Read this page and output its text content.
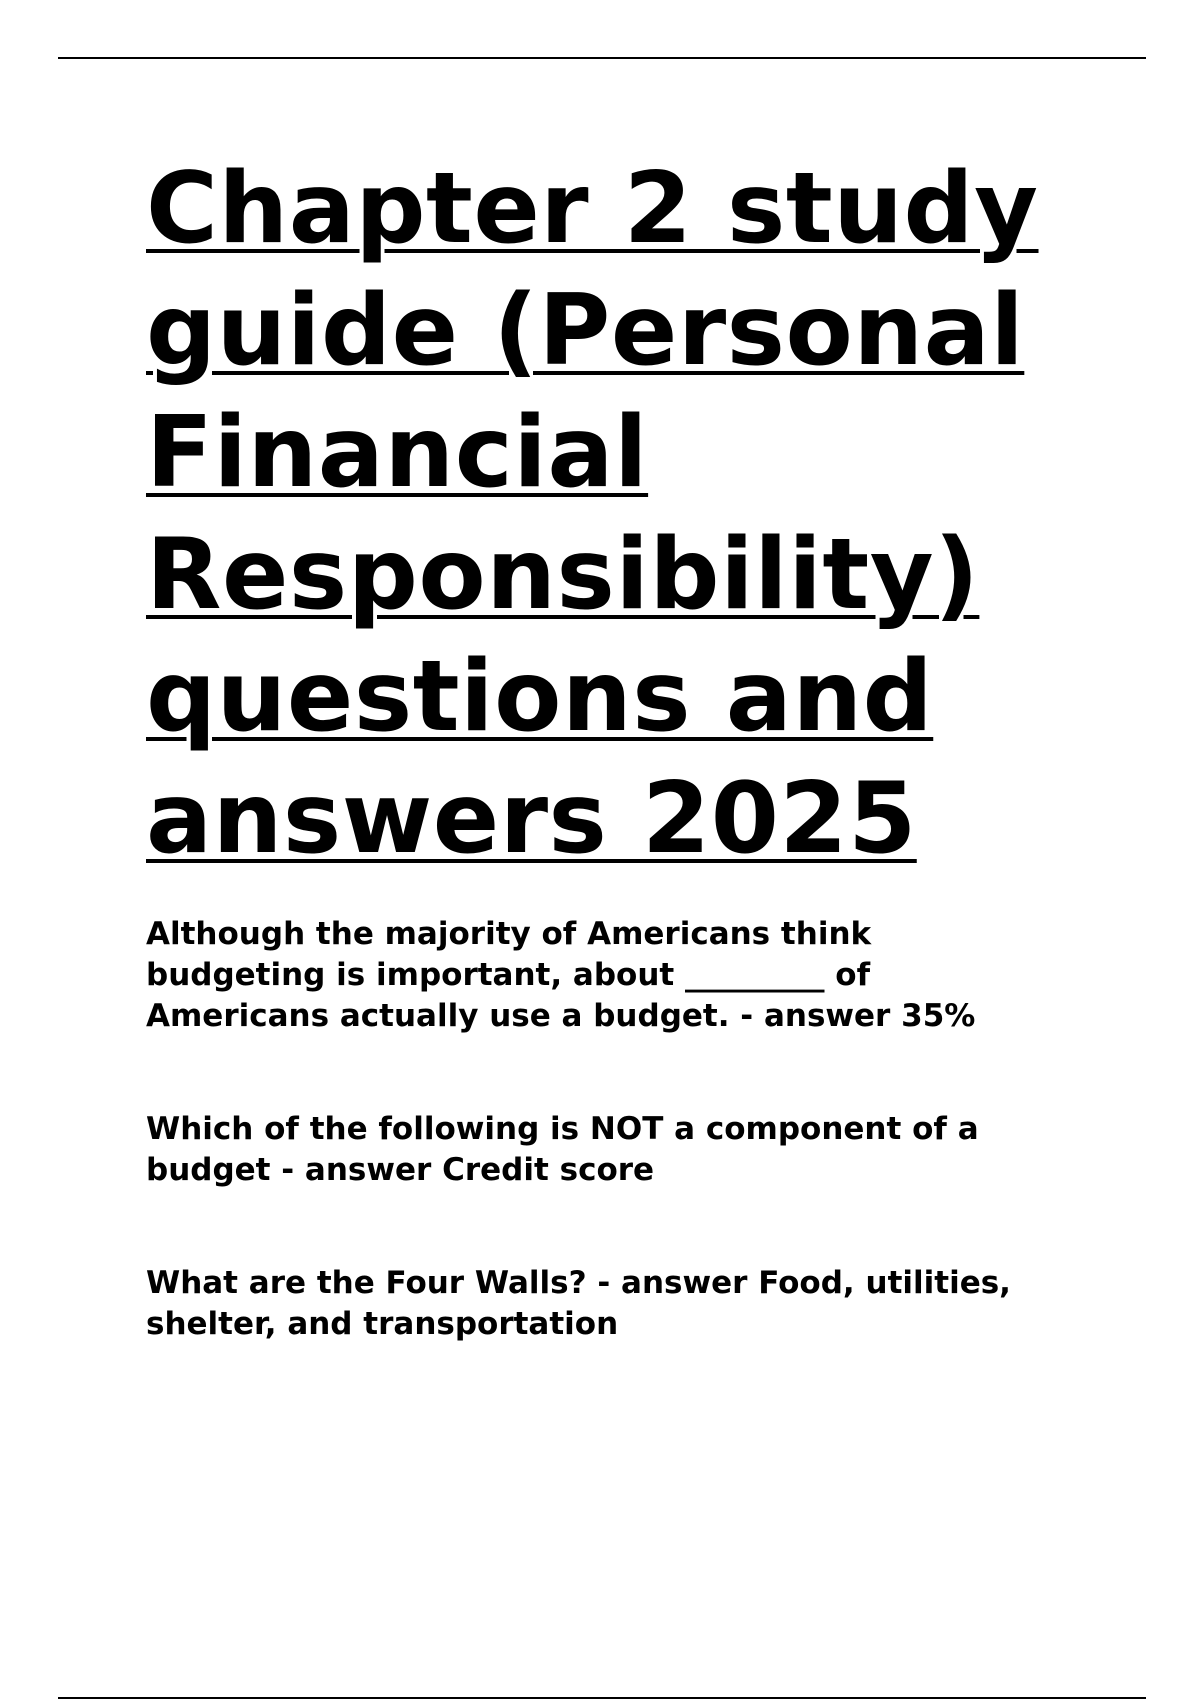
Chapter 2 study guide (Personal Financial Responsibility) questions and answers 2025

Although the majority of Americans think budgeting is important, about _________ of Americans actually use a budget. - answer 35%

Which of the following is NOT a component of a budget - answer Credit score

What are the Four Walls? - answer Food, utilities, shelter, and transportation
